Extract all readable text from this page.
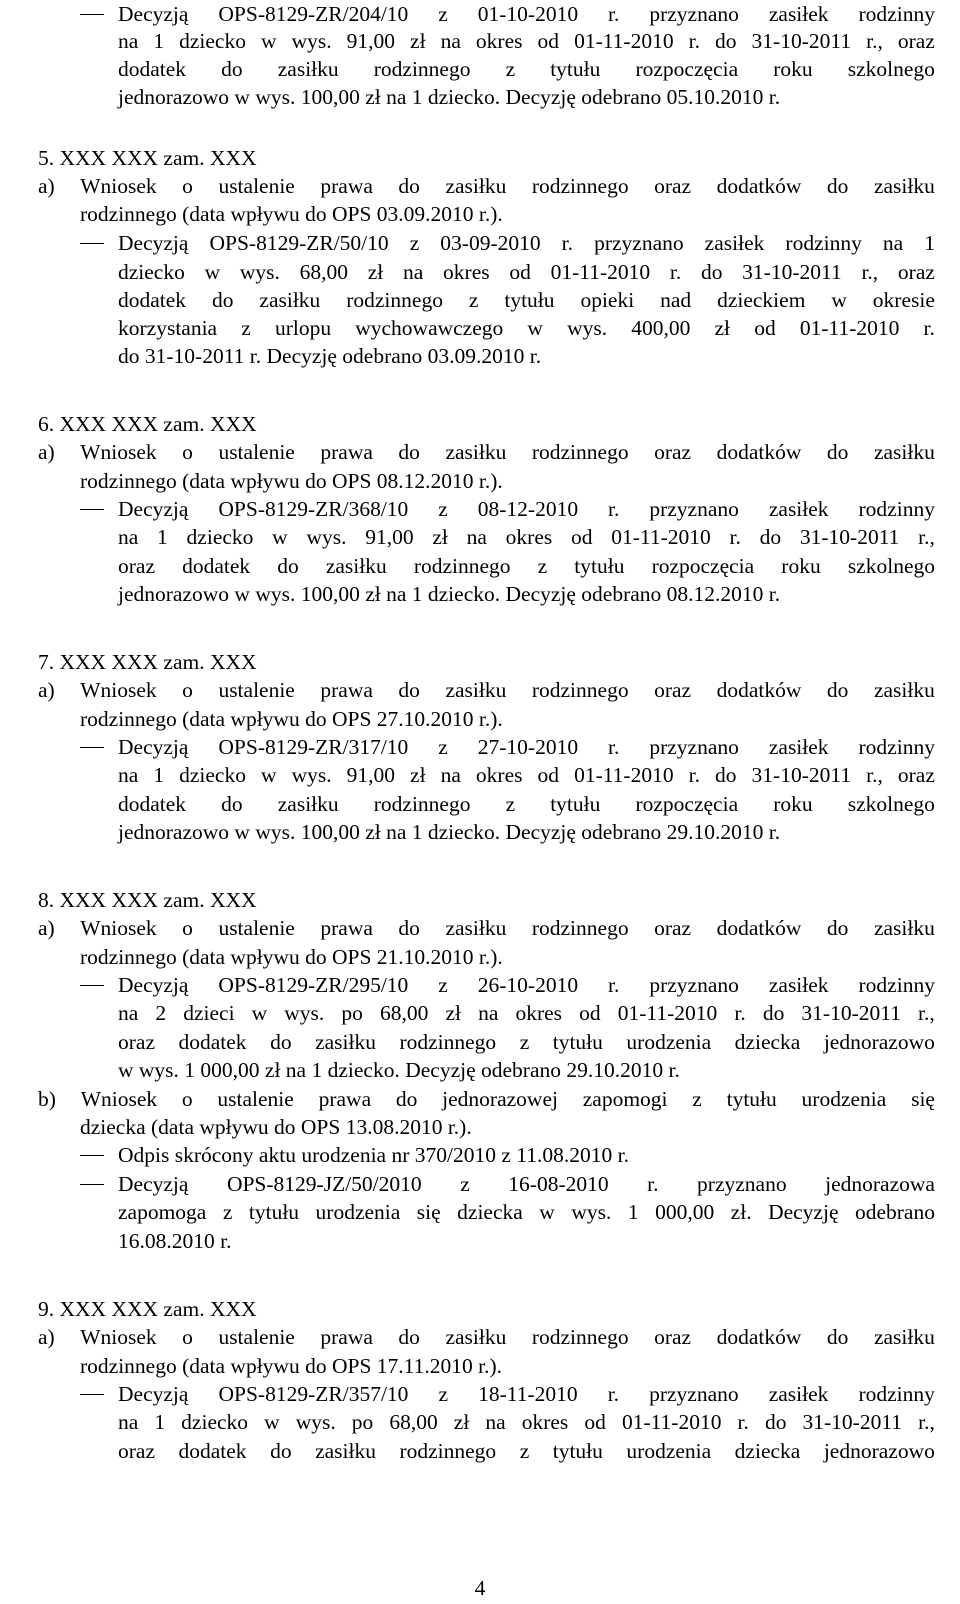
Decyzją OPS-8129-ZR/204/10 z 01-10-2010 r. przyznano zasiłek rodzinny
na 1 dziecko w wys. 91,00 zł na okres od 01-11-2010 r. do 31-10-2011 r., oraz
dodatek do zasiłku rodzinnego z tytułu rozpoczęcia roku szkolnego
jednorazowo w wys. 100,00 zł na 1 dziecko. Decyzję odebrano 05.10.2010 r.
5. XXX XXX zam. XXX
a) Wniosek o ustalenie prawa do zasiłku rodzinnego oraz dodatków do zasiłku
rodzinnego (data wpływu do OPS 03.09.2010 r.).
Decyzją OPS-8129-ZR/50/10 z 03-09-2010 r. przyznano zasiłek rodzinny na 1
dziecko w wys. 68,00 zł na okres od 01-11-2010 r. do 31-10-2011 r., oraz
dodatek do zasiłku rodzinnego z tytułu opieki nad dzieckiem w okresie
korzystania z urlopu wychowawczego w wys. 400,00 zł od 01-11-2010 r.
do 31-10-2011 r. Decyzję odebrano 03.09.2010 r.
6. XXX XXX zam. XXX
a) Wniosek o ustalenie prawa do zasiłku rodzinnego oraz dodatków do zasiłku
rodzinnego (data wpływu do OPS 08.12.2010 r.).
Decyzją OPS-8129-ZR/368/10 z 08-12-2010 r. przyznano zasiłek rodzinny
na 1 dziecko w wys. 91,00 zł na okres od 01-11-2010 r. do 31-10-2011 r.,
oraz dodatek do zasiłku rodzinnego z tytułu rozpoczęcia roku szkolnego
jednorazowo w wys. 100,00 zł na 1 dziecko. Decyzję odebrano 08.12.2010 r.
7. XXX XXX zam. XXX
a) Wniosek o ustalenie prawa do zasiłku rodzinnego oraz dodatków do zasiłku
rodzinnego (data wpływu do OPS 27.10.2010 r.).
Decyzją OPS-8129-ZR/317/10 z 27-10-2010 r. przyznano zasiłek rodzinny
na 1 dziecko w wys. 91,00 zł na okres od 01-11-2010 r. do 31-10-2011 r., oraz
dodatek do zasiłku rodzinnego z tytułu rozpoczęcia roku szkolnego
jednorazowo w wys. 100,00 zł na 1 dziecko. Decyzję odebrano 29.10.2010 r.
8. XXX XXX zam. XXX
a) Wniosek o ustalenie prawa do zasiłku rodzinnego oraz dodatków do zasiłku
rodzinnego (data wpływu do OPS 21.10.2010 r.).
Decyzją OPS-8129-ZR/295/10 z 26-10-2010 r. przyznano zasiłek rodzinny
na 2 dzieci w wys. po 68,00 zł na okres od 01-11-2010 r. do 31-10-2011 r.,
oraz dodatek do zasiłku rodzinnego z tytułu urodzenia dziecka jednorazowo
w wys. 1 000,00 zł na 1 dziecko. Decyzję odebrano 29.10.2010 r.
b) Wniosek o ustalenie prawa do jednorazowej zapomogi z tytułu urodzenia się
dziecka (data wpływu do OPS 13.08.2010 r.).
Odpis skrócony aktu urodzenia nr 370/2010 z 11.08.2010 r.
Decyzją OPS-8129-JZ/50/2010 z 16-08-2010 r. przyznano jednorazowa
zapomoga z tytułu urodzenia się dziecka w wys. 1 000,00 zł. Decyzję odebrano
16.08.2010 r.
9. XXX XXX zam. XXX
a) Wniosek o ustalenie prawa do zasiłku rodzinnego oraz dodatków do zasiłku
rodzinnego (data wpływu do OPS 17.11.2010 r.).
Decyzją OPS-8129-ZR/357/10 z 18-11-2010 r. przyznano zasiłek rodzinny
na 1 dziecko w wys. po 68,00 zł na okres od 01-11-2010 r. do 31-10-2011 r.,
oraz dodatek do zasiłku rodzinnego z tytułu urodzenia dziecka jednorazowo
4
